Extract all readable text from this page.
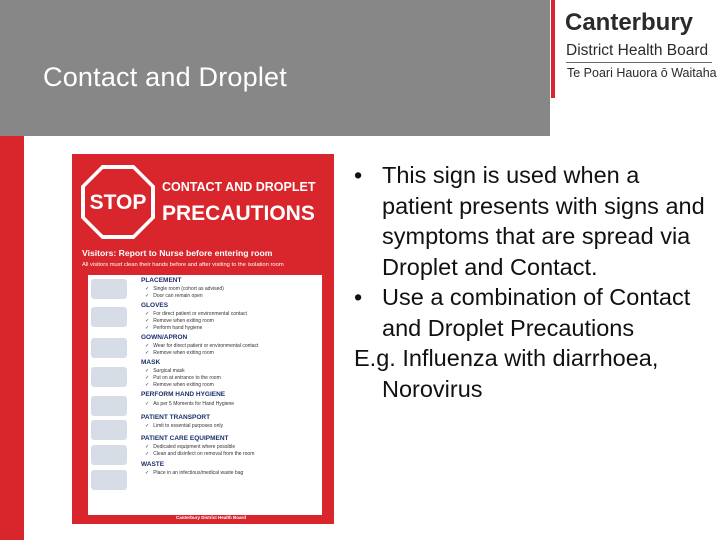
Contact and Droplet
Canterbury
District Health Board
Te Poari Hauora ō Waitaha
STOP
CONTACT AND DROPLET
PRECAUTIONS
Visitors: Report to Nurse before entering room
All visitors must clean their hands before and after visiting to the isolation room
PLACEMENT
✓ Single room (cohort as advised)
✓ Door can remain open
GLOVES
✓ For direct patient or environmental contact
✓ Remove when exiting room
✓ Perform hand hygiene
GOWN/APRON
✓ Wear for direct patient or environmental contact
✓ Remove when exiting room
MASK
✓ Surgical mask
✓ Put on at entrance to the room
✓ Remove when exiting room
PERFORM HAND HYGIENE
✓ As per 5 Moments for Hand Hygiene
PATIENT TRANSPORT
✓ Limit to essential purposes only
PATIENT CARE EQUIPMENT
✓ Dedicated equipment where possible
✓ Clean and disinfect on removal from the room
WASTE
✓ Place in an infectious/medical waste bag
Canterbury District Health Board
• This sign is used when a patient presents with signs and symptoms that are spread via Droplet and Contact.
• Use a combination of Contact and Droplet Precautions
E.g. Influenza with diarrhoea, Norovirus
